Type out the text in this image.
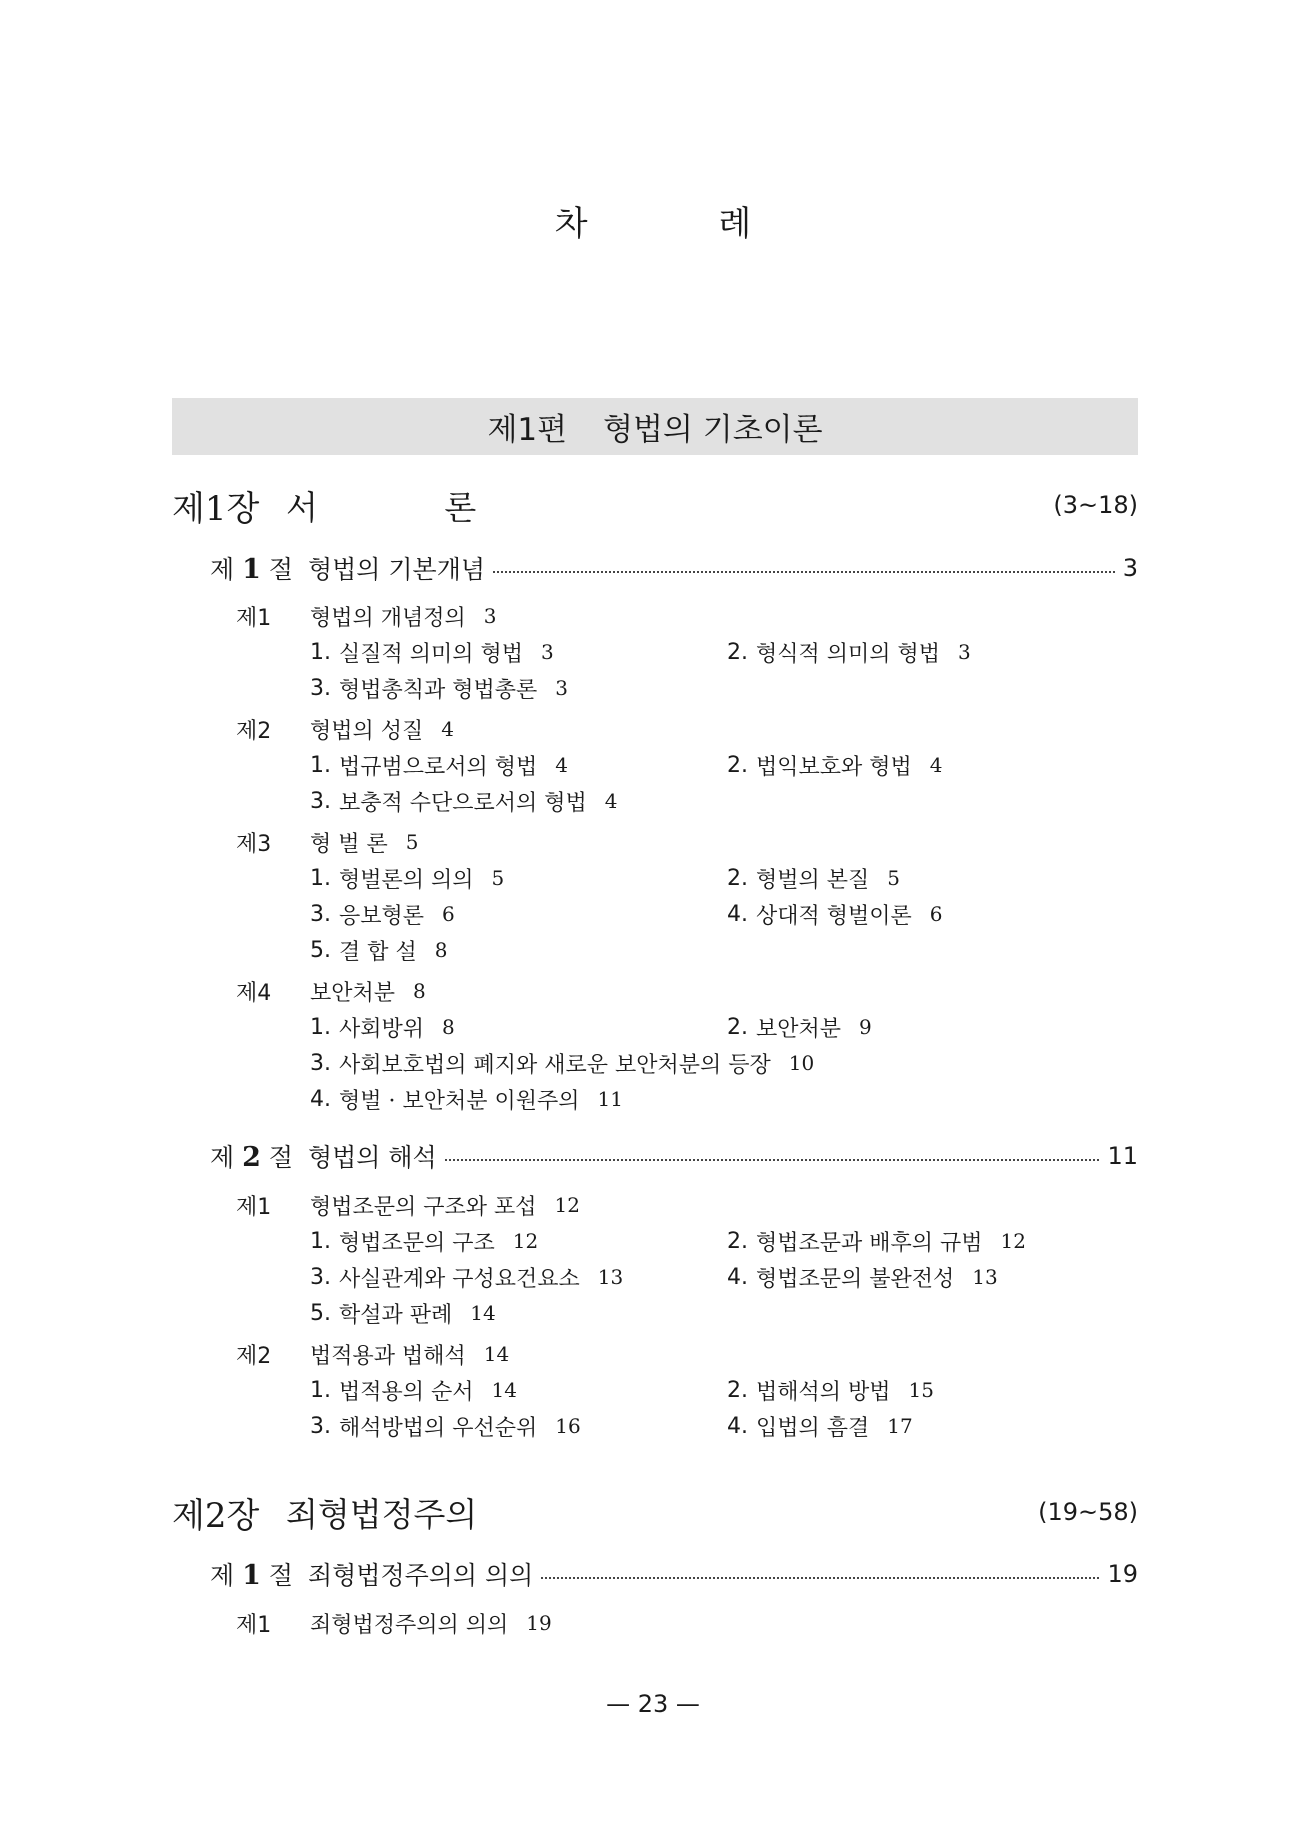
차 례
제1편 형법의 기초이론
제1장 서 론	(3~18)
제 1 절 형법의 기본개념	3
제1	형법의 개념정의 3
1. 실질적 의미의 형법 3	2. 형식적 의미의 형법 3
3. 형법총칙과 형법총론 3
제2	형법의 성질 4
1. 법규범으로서의 형법 4	2. 법익보호와 형법 4
3. 보충적 수단으로서의 형법 4
제3	형 벌 론 5
1. 형벌론의 의의 5	2. 형벌의 본질 5
3. 응보형론 6	4. 상대적 형벌이론 6
5. 결 합 설 8
제4	보안처분 8
1. 사회방위 8	2. 보안처분 9
3. 사회보호법의 폐지와 새로운 보안처분의 등장 10
4. 형벌 · 보안처분 이원주의 11
제 2 절 형법의 해석	11
제1	형법조문의 구조와 포섭 12
1. 형법조문의 구조 12	2. 형법조문과 배후의 규범 12
3. 사실관계와 구성요건요소 13	4. 형법조문의 불완전성 13
5. 학설과 판례 14
제2	법적용과 법해석 14
1. 법적용의 순서 14	2. 법해석의 방법 15
3. 해석방법의 우선순위 16	4. 입법의 흠결 17
제2장 죄형법정주의	(19~58)
제 1 절 죄형법정주의의 의의	19
제1	죄형법정주의의 의의 19
— 23 —
